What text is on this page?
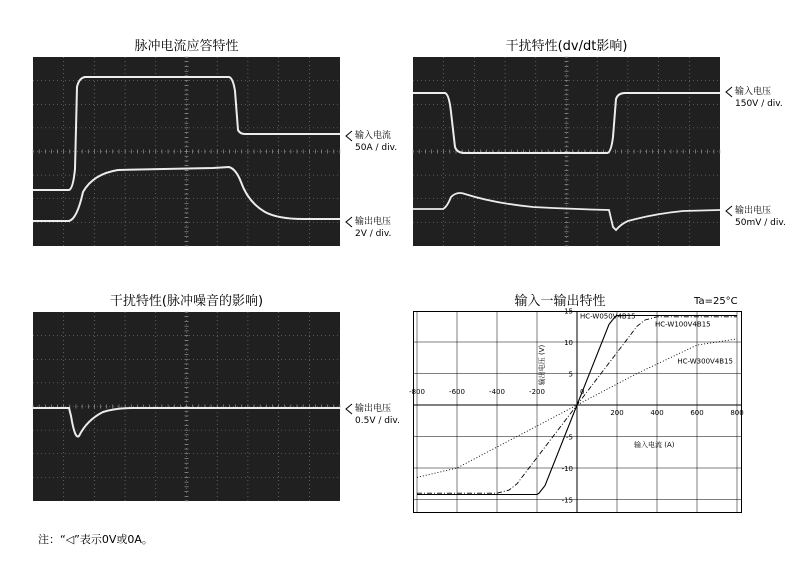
脉冲电流应答特性
输入电流
50A / div.
输出电压
2V / div.
干扰特性(dv/dt影响)
输入电压
150V / div.
输出电压
50mV / div.
干扰特性(脉冲噪音的影响)
输出电压
0.5V / div.
输入一输出特性	Ta=25°C
-800	-600	-400	-200	0
200	400	600	800
15
10
5
-5
-10
-15
输入电流 (A)
输出电压 (V)
HC-W050V4B15
HC-W100V4B15
HC-W300V4B15
注：“◁”表示0V或0A。
